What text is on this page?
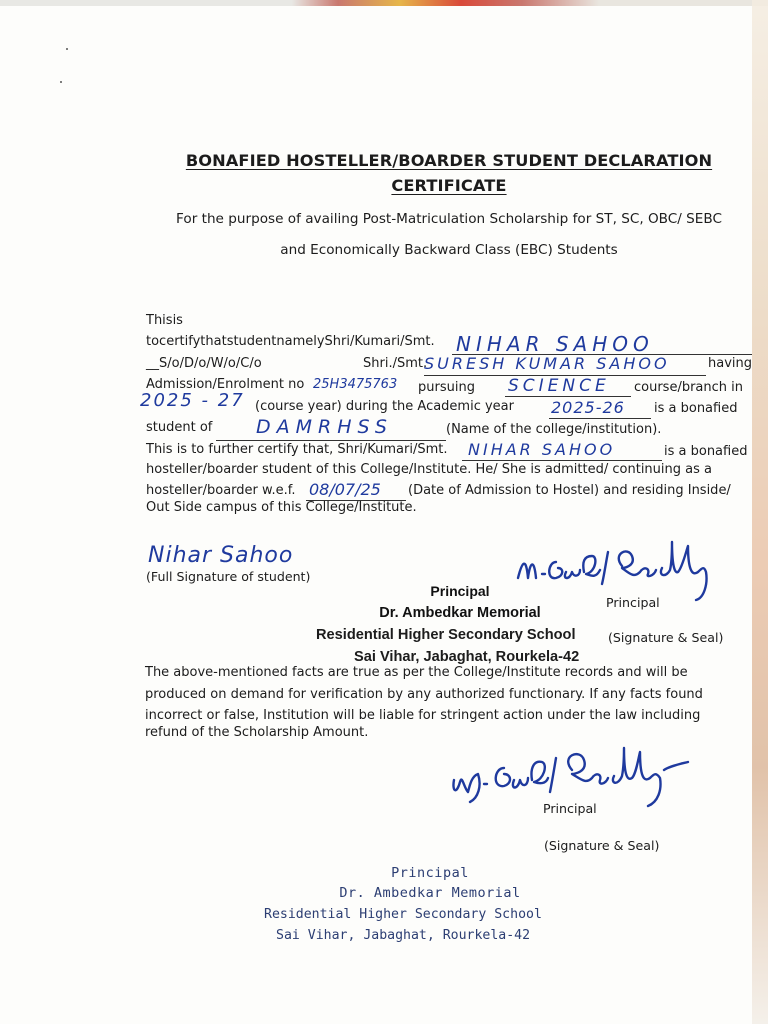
BONAFIED HOSTELLER/BOARDER STUDENT DECLARATION
CERTIFICATE
For the purpose of availing Post-Matriculation Scholarship for ST, SC, OBC/ SEBC
and Economically Backward Class (EBC) Students
Thisis
tocertifythatstudentnamelyShri/Kumari/Smt. NIHAR SAHOO
__S/o/D/o/W/o/C/o	Shri./Smt.
SURESH KUMAR SAHOO	having
Admission/Enrolment no 25H3475763 pursuing SCIENCE course/branch in
2025 - 27 (course year) during the Academic year 2025-26 is a bonafied
student of DAMRHSS	(Name of the college/institution).
This is to further certify that, Shri/Kumari/Smt. NIHAR SAHOO	is a bonafied
hosteller/boarder student of this College/Institute. He/ She is admitted/ continuing as a
hosteller/boarder w.e.f. 08/07/25 (Date of Admission to Hostel) and residing Inside/
Out Side campus of this College/Institute.
Nihar Sahoo
(Full Signature of student)
Principal
Principal
Dr. Ambedkar Memorial
Residential Higher Secondary School	(Signature & Seal)
Sai Vihar, Jabaghat, Rourkela-42
The above-mentioned facts are true as per the College/Institute records and will be
produced on demand for verification by any authorized functionary. If any facts found
incorrect or false, Institution will be liable for stringent action under the law including
refund of the Scholarship Amount.
Principal
(Signature & Seal)
Principal
Dr. Ambedkar Memorial
Residential Higher Secondary School
Sai Vihar, Jabaghat, Rourkela-42
